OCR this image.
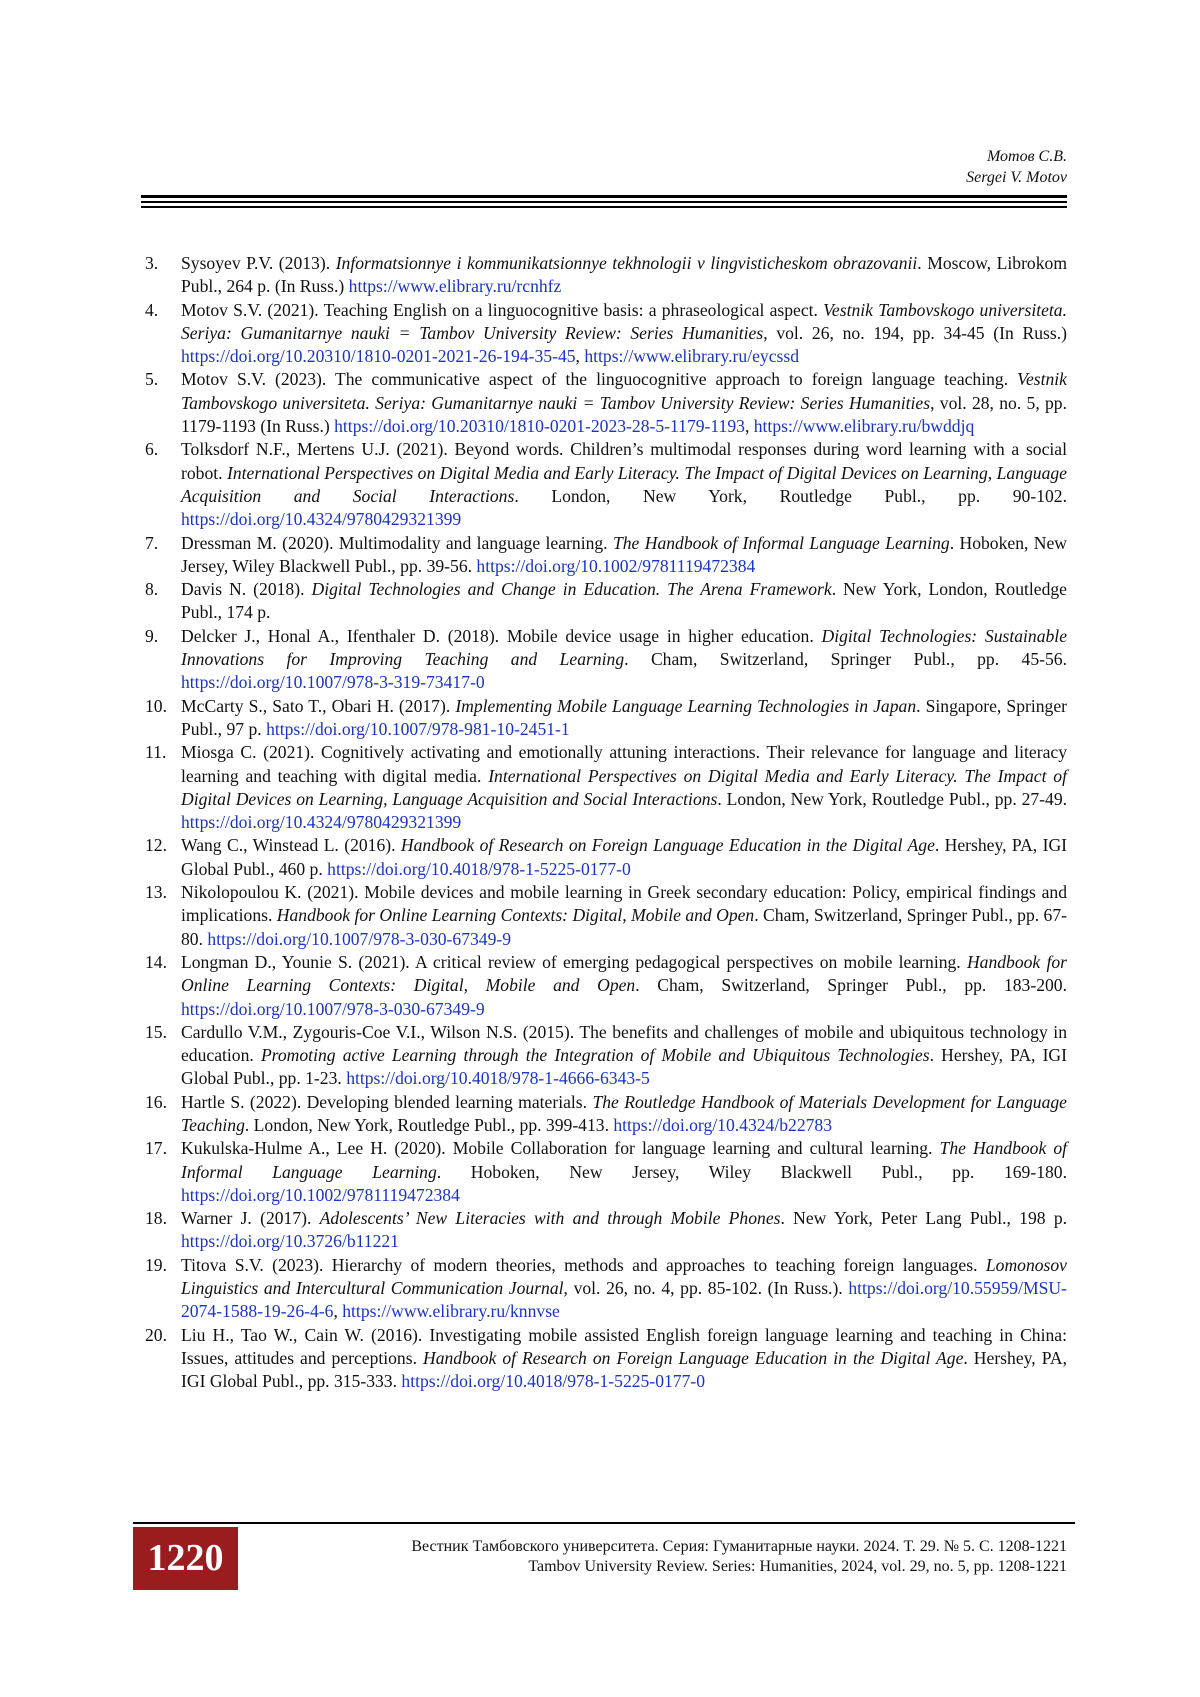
Мотов С.В.
Sergei V. Motov
3. Sysoyev P.V. (2013). Informatsionnye i kommunikatsionnye tekhnologii v lingvisticheskom obrazovanii. Moscow, Librokom Publ., 264 p. (In Russ.) https://www.elibrary.ru/rcnhfz
4. Motov S.V. (2021). Teaching English on a linguocognitive basis: a phraseological aspect. Vestnik Tambovskogo universiteta. Seriya: Gumanitarnye nauki = Tambov University Review: Series Humanities, vol. 26, no. 194, pp. 34-45 (In Russ.) https://doi.org/10.20310/1810-0201-2021-26-194-35-45, https://www.elibrary.ru/eycssd
5. Motov S.V. (2023). The communicative aspect of the linguocognitive approach to foreign language teaching. Vestnik Tambovskogo universiteta. Seriya: Gumanitarnye nauki = Tambov University Review: Series Humanities, vol. 28, no. 5, pp. 1179-1193 (In Russ.) https://doi.org/10.20310/1810-0201-2023-28-5-1179-1193, https://www.elibrary.ru/bwddjq
6. Tolksdorf N.F., Mertens U.J. (2021). Beyond words. Children’s multimodal responses during word learning with a social robot. International Perspectives on Digital Media and Early Literacy. The Impact of Digital Devices on Learning, Language Acquisition and Social Interactions. London, New York, Routledge Publ., pp. 90-102. https://doi.org/10.4324/9780429321399
7. Dressman M. (2020). Multimodality and language learning. The Handbook of Informal Language Learning. Hoboken, New Jersey, Wiley Blackwell Publ., pp. 39-56. https://doi.org/10.1002/9781119472384
8. Davis N. (2018). Digital Technologies and Change in Education. The Arena Framework. New York, London, Routledge Publ., 174 p.
9. Delcker J., Honal A., Ifenthaler D. (2018). Mobile device usage in higher education. Digital Technologies: Sustainable Innovations for Improving Teaching and Learning. Cham, Switzerland, Springer Publ., pp. 45-56. https://doi.org/10.1007/978-3-319-73417-0
10. McCarty S., Sato T., Obari H. (2017). Implementing Mobile Language Learning Technologies in Japan. Singapore, Springer Publ., 97 p. https://doi.org/10.1007/978-981-10-2451-1
11. Miosga C. (2021). Cognitively activating and emotionally attuning interactions. Their relevance for language and literacy learning and teaching with digital media. International Perspectives on Digital Media and Early Literacy. The Impact of Digital Devices on Learning, Language Acquisition and Social Interactions. London, New York, Routledge Publ., pp. 27-49. https://doi.org/10.4324/9780429321399
12. Wang C., Winstead L. (2016). Handbook of Research on Foreign Language Education in the Digital Age. Hershey, PA, IGI Global Publ., 460 p. https://doi.org/10.4018/978-1-5225-0177-0
13. Nikolopoulou K. (2021). Mobile devices and mobile learning in Greek secondary education: Policy, empirical findings and implications. Handbook for Online Learning Contexts: Digital, Mobile and Open. Cham, Switzerland, Springer Publ., pp. 67-80. https://doi.org/10.1007/978-3-030-67349-9
14. Longman D., Younie S. (2021). A critical review of emerging pedagogical perspectives on mobile learning. Handbook for Online Learning Contexts: Digital, Mobile and Open. Cham, Switzerland, Springer Publ., pp. 183-200. https://doi.org/10.1007/978-3-030-67349-9
15. Cardullo V.M., Zygouris-Coe V.I., Wilson N.S. (2015). The benefits and challenges of mobile and ubiquitous technology in education. Promoting active Learning through the Integration of Mobile and Ubiquitous Technologies. Hershey, PA, IGI Global Publ., pp. 1-23. https://doi.org/10.4018/978-1-4666-6343-5
16. Hartle S. (2022). Developing blended learning materials. The Routledge Handbook of Materials Development for Language Teaching. London, New York, Routledge Publ., pp. 399-413. https://doi.org/10.4324/b22783
17. Kukulska-Hulme A., Lee H. (2020). Mobile Collaboration for language learning and cultural learning. The Handbook of Informal Language Learning. Hoboken, New Jersey, Wiley Blackwell Publ., pp. 169-180. https://doi.org/10.1002/9781119472384
18. Warner J. (2017). Adolescents’ New Literacies with and through Mobile Phones. New York, Peter Lang Publ., 198 p. https://doi.org/10.3726/b11221
19. Titova S.V. (2023). Hierarchy of modern theories, methods and approaches to teaching foreign languages. Lomonosov Linguistics and Intercultural Communication Journal, vol. 26, no. 4, pp. 85-102. (In Russ.). https://doi.org/10.55959/MSU-2074-1588-19-26-4-6, https://www.elibrary.ru/knnvse
20. Liu H., Tao W., Cain W. (2016). Investigating mobile assisted English foreign language learning and teaching in China: Issues, attitudes and perceptions. Handbook of Research on Foreign Language Education in the Digital Age. Hershey, PA, IGI Global Publ., pp. 315-333. https://doi.org/10.4018/978-1-5225-0177-0
1220	Вестник Тамбовского университета. Серия: Гуманитарные науки. 2024. Т. 29. № 5. С. 1208-1221
Tambov University Review. Series: Humanities, 2024, vol. 29, no. 5, pp. 1208-1221
